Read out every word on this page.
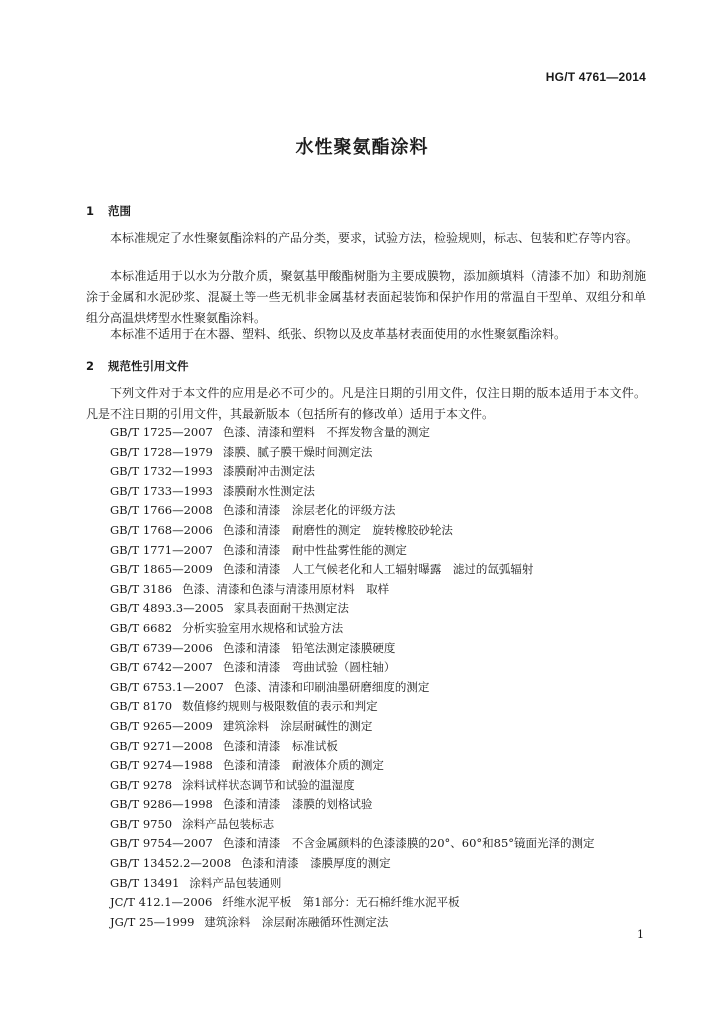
HG/T 4761—2014
水性聚氨酯涂料
1 范围
本标准规定了水性聚氨酯涂料的产品分类，要求，试验方法，检验规则，标志、包装和贮存等内容。
本标准适用于以水为分散介质，聚氨基甲酸酯树脂为主要成膜物，添加颜填料（清漆不加）和助剂施涂于金属和水泥砂浆、混凝土等一些无机非金属基材表面起装饰和保护作用的常温自干型单、双组分和单组分高温烘烤型水性聚氨酯涂料。
本标准不适用于在木器、塑料、纸张、织物以及皮革基材表面使用的水性聚氨酯涂料。
2 规范性引用文件
下列文件对于本文件的应用是必不可少的。凡是注日期的引用文件，仅注日期的版本适用于本文件。凡是不注日期的引用文件，其最新版本（包括所有的修改单）适用于本文件。
GB/T 1725—2007 色漆、清漆和塑料　不挥发物含量的测定
GB/T 1728—1979 漆膜、腻子膜干燥时间测定法
GB/T 1732—1993 漆膜耐冲击测定法
GB/T 1733—1993 漆膜耐水性测定法
GB/T 1766—2008 色漆和清漆　涂层老化的评级方法
GB/T 1768—2006 色漆和清漆　耐磨性的测定　旋转橡胶砂轮法
GB/T 1771—2007 色漆和清漆　耐中性盐雾性能的测定
GB/T 1865—2009 色漆和清漆　人工气候老化和人工辐射曝露　滤过的氙弧辐射
GB/T 3186 色漆、清漆和色漆与清漆用原材料　取样
GB/T 4893.3—2005 家具表面耐干热测定法
GB/T 6682 分析实验室用水规格和试验方法
GB/T 6739—2006 色漆和清漆　铅笔法测定漆膜硬度
GB/T 6742—2007 色漆和清漆　弯曲试验（圆柱轴）
GB/T 6753.1—2007 色漆、清漆和印刷油墨研磨细度的测定
GB/T 8170 数值修约规则与极限数值的表示和判定
GB/T 9265—2009 建筑涂料　涂层耐碱性的测定
GB/T 9271—2008 色漆和清漆　标准试板
GB/T 9274—1988 色漆和清漆　耐液体介质的测定
GB/T 9278 涂料试样状态调节和试验的温湿度
GB/T 9286—1998 色漆和清漆　漆膜的划格试验
GB/T 9750 涂料产品包装标志
GB/T 9754—2007 色漆和清漆　不含金属颜料的色漆漆膜的20°、60°和85°镜面光泽的测定
GB/T 13452.2—2008 色漆和清漆　漆膜厚度的测定
GB/T 13491 涂料产品包装通则
JC/T 412.1—2006 纤维水泥平板　第1部分：无石棉纤维水泥平板
JG/T 25—1999 建筑涂料　涂层耐冻融循环性测定法
1
